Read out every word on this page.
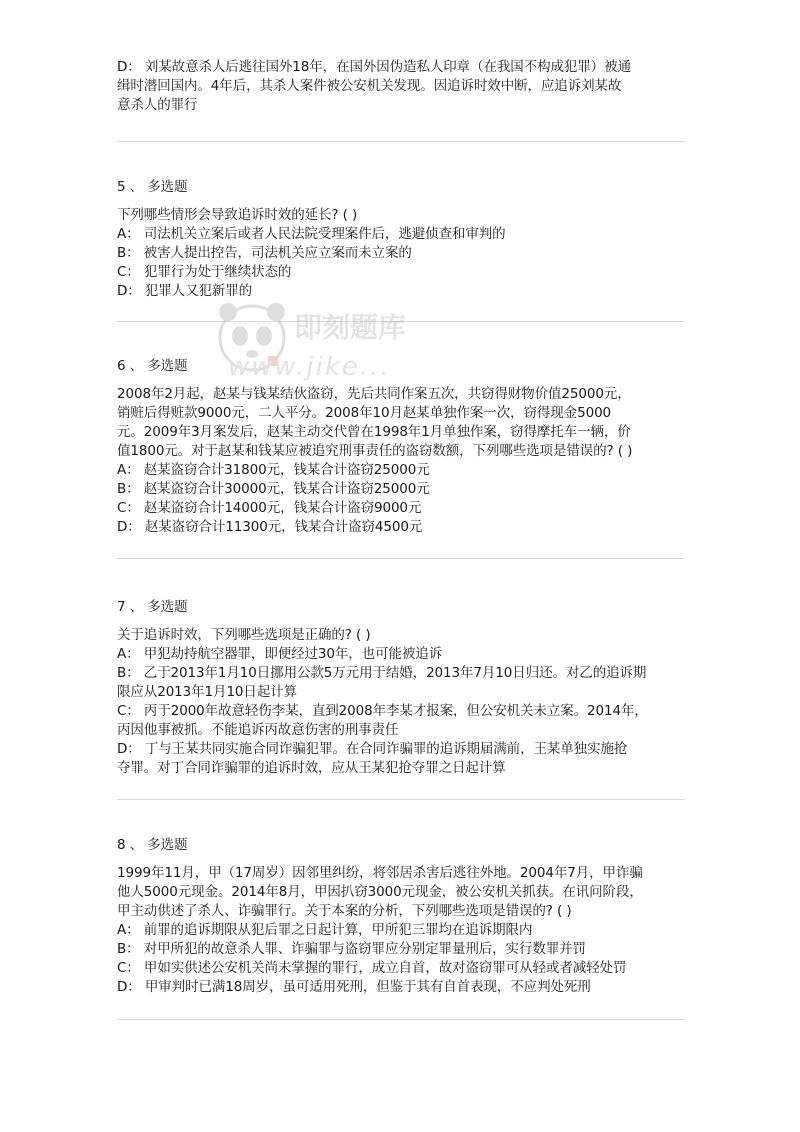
D： 刘某故意杀人后逃往国外18年，在国外因伪造私人印章（在我国不构成犯罪）被通
缉时潜回国内。4年后，其杀人案件被公安机关发现。因追诉时效中断，应追诉刘某故
意杀人的罪行
5 、 多选题
下列哪些情形会导致追诉时效的延长? ( )
A： 司法机关立案后或者人民法院受理案件后，逃避侦查和审判的
B： 被害人提出控告，司法机关应立案而未立案的
C： 犯罪行为处于继续状态的
D： 犯罪人又犯新罪的
6 、 多选题
2008年2月起，赵某与钱某结伙盗窃，先后共同作案五次，共窃得财物价值25000元，
销赃后得赃款9000元，二人平分。2008年10月赵某单独作案一次，窃得现金5000
元。2009年3月案发后，赵某主动交代曾在1998年1月单独作案，窃得摩托车一辆，价
值1800元。对于赵某和钱某应被追究刑事责任的盗窃数额，下列哪些选项是错误的? ( )
A： 赵某盗窃合计31800元，钱某合计盗窃25000元
B： 赵某盗窃合计30000元，钱某合计盗窃25000元
C： 赵某盗窃合计14000元，钱某合计盗窃9000元
D： 赵某盗窃合计11300元，钱某合计盗窃4500元
7 、 多选题
关于追诉时效，下列哪些选项是正确的? ( )
A： 甲犯劫持航空器罪，即便经过30年，也可能被追诉
B： 乙于2013年1月10日挪用公款5万元用于结婚，2013年7月10日归还。对乙的追诉期
限应从2013年1月10日起计算
C： 丙于2000年故意轻伤李某，直到2008年李某才报案，但公安机关未立案。2014年，
丙因他事被抓。不能追诉丙故意伤害的刑事责任
D： 丁与王某共同实施合同诈骗犯罪。在合同诈骗罪的追诉期届满前，王某单独实施抢
夺罪。对丁合同诈骗罪的追诉时效，应从王某犯抢夺罪之日起计算
8 、 多选题
1999年11月，甲（17周岁）因邻里纠纷，将邻居杀害后逃往外地。2004年7月，甲诈骗
他人5000元现金。2014年8月，甲因扒窃3000元现金，被公安机关抓获。在讯问阶段，
甲主动供述了杀人、诈骗罪行。关于本案的分析，下列哪些选项是错误的? ( )
A： 前罪的追诉期限从犯后罪之日起计算，甲所犯三罪均在追诉期限内
B： 对甲所犯的故意杀人罪、诈骗罪与盗窃罪应分别定罪量刑后，实行数罪并罚
C： 甲如实供述公安机关尚未掌握的罪行，成立自首，故对盗窃罪可从轻或者减轻处罚
D： 甲审判时已满18周岁，虽可适用死刑，但鉴于其有自首表现，不应判处死刑
即刻题库
www.jike...
